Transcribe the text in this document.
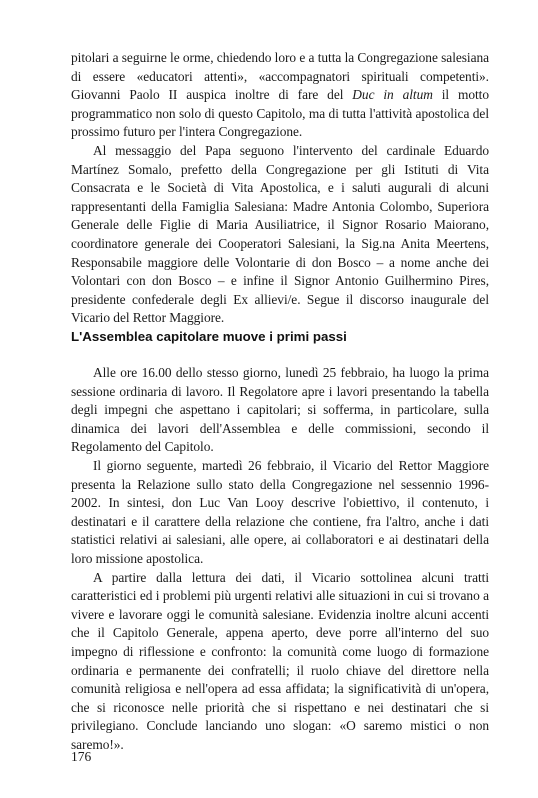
pitolari a seguirne le orme, chiedendo loro e a tutta la Congregazione salesiana di essere «educatori attenti», «accompagnatori spirituali competenti». Giovanni Paolo II auspica inoltre di fare del Duc in altum il motto programmatico non solo di questo Capitolo, ma di tutta l'attività apostolica del prossimo futuro per l'intera Congregazione.

Al messaggio del Papa seguono l'intervento del cardinale Eduardo Martínez Somalo, prefetto della Congregazione per gli Istituti di Vita Consacrata e le Società di Vita Apostolica, e i saluti augurali di alcuni rappresentanti della Famiglia Salesiana: Madre Antonia Colombo, Superiora Generale delle Figlie di Maria Ausiliatrice, il Signor Rosario Maiorano, coordinatore generale dei Cooperatori Salesiani, la Sig.na Anita Meertens, Responsabile maggiore delle Volontarie di don Bosco – a nome anche dei Volontari con don Bosco – e infine il Signor Antonio Guilhermino Pires, presidente confederale degli Ex allievi/e. Segue il discorso inaugurale del Vicario del Rettor Maggiore.

L'Assemblea capitolare muove i primi passi

Alle ore 16.00 dello stesso giorno, lunedì 25 febbraio, ha luogo la prima sessione ordinaria di lavoro. Il Regolatore apre i lavori presentando la tabella degli impegni che aspettano i capitolari; si sofferma, in particolare, sulla dinamica dei lavori dell'Assemblea e delle commissioni, secondo il Regolamento del Capitolo.

Il giorno seguente, martedì 26 febbraio, il Vicario del Rettor Maggiore presenta la Relazione sullo stato della Congregazione nel sessennio 1996-2002. In sintesi, don Luc Van Looy descrive l'obiettivo, il contenuto, i destinatari e il carattere della relazione che contiene, fra l'altro, anche i dati statistici relativi ai salesiani, alle opere, ai collaboratori e ai destinatari della loro missione apostolica.

A partire dalla lettura dei dati, il Vicario sottolinea alcuni tratti caratteristici ed i problemi più urgenti relativi alle situazioni in cui si trovano a vivere e lavorare oggi le comunità salesiane. Evidenzia inoltre alcuni accenti che il Capitolo Generale, appena aperto, deve porre all'interno del suo impegno di riflessione e confronto: la comunità come luogo di formazione ordinaria e permanente dei confratelli; il ruolo chiave del direttore nella comunità religiosa e nell'opera ad essa affidata; la significatività di un'opera, che si riconosce nelle priorità che si rispettano e nei destinatari che si privilegiano. Conclude lanciando uno slogan: «O saremo mistici o non saremo!».

176
